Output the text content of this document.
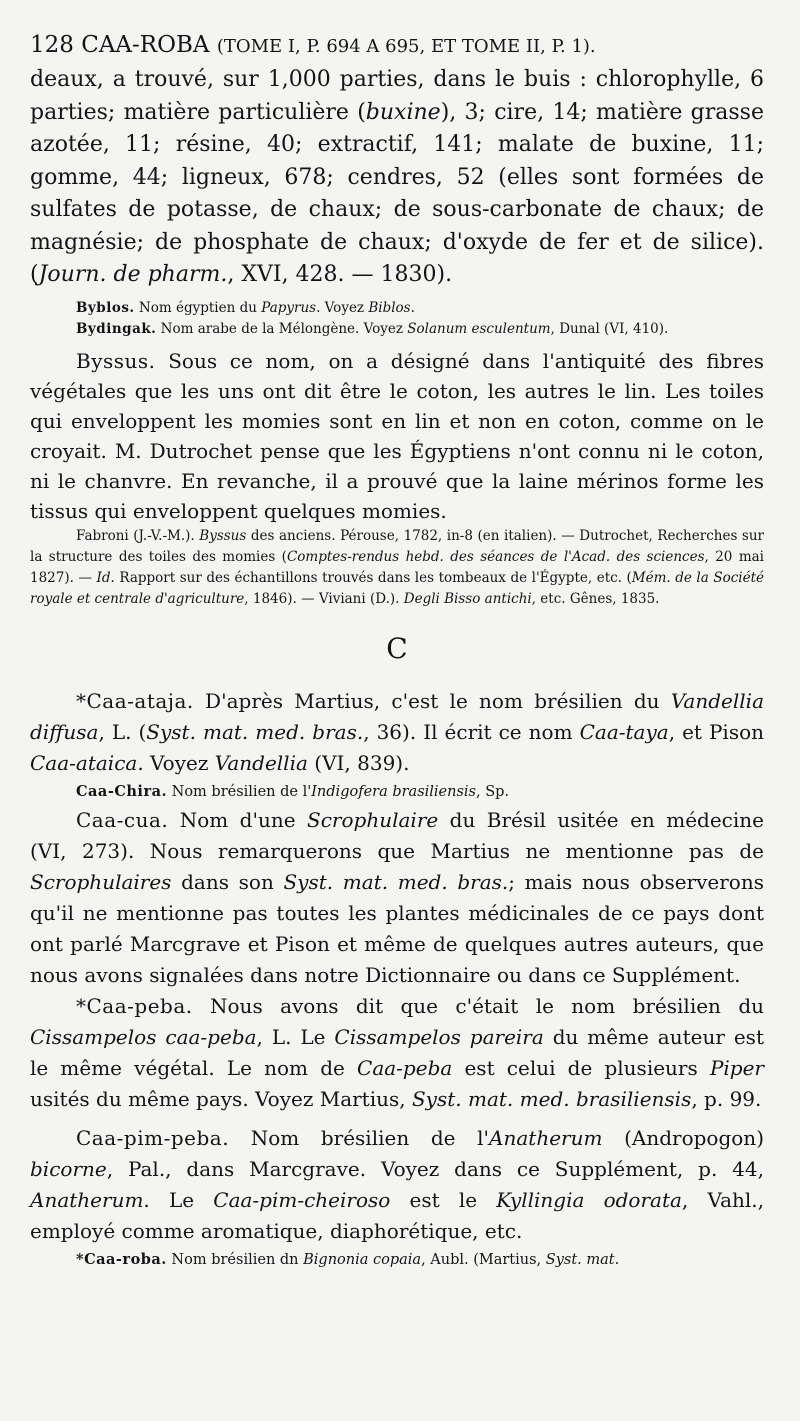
128 CAA-ROBA (TOME I, P. 694 A 695, ET TOME II, P. 1).

deaux, a trouvé, sur 1,000 parties, dans le buis : chlorophylle, 6 parties; matière particulière (buxine), 3; cire, 14; matière grasse azotée, 11; résine, 40; extractif, 141; malate de buxine, 11; gomme, 44; ligneux, 678; cendres, 52 (elles sont formées de sulfates de potasse, de chaux; de sous-carbonate de chaux; de magnésie; de phosphate de chaux; d'oxyde de fer et de silice). (Journ. de pharm., XVI, 428. — 1830).

Byblos. Nom égyptien du Papyrus. Voyez Biblos.

Bydingak. Nom arabe de la Mélongène. Voyez Solanum esculentum, Dunal (VI, 410).

Byssus. Sous ce nom, on a désigné dans l'antiquité des fibres végétales que les uns ont dit être le coton, les autres le lin. Les toiles qui enveloppent les momies sont en lin et non en coton, comme on le croyait. M. Dutrochet pense que les Égyptiens n'ont connu ni le coton, ni le chanvre. En revanche, il a prouvé que la laine mérinos forme les tissus qui enveloppent quelques momies.

Fabroni (J.-V.-M.). Byssus des anciens. Pérouse, 1782, in-8 (en italien). — Dutrochet, Recherches sur la structure des toiles des momies (Comptes-rendus hebd. des séances de l'Acad. des sciences, 20 mai 1827). — Id. Rapport sur des échantillons trouvés dans les tombeaux de l'Égypte, etc. (Mém. de la Société royale et centrale d'agriculture, 1846). — Viviani (D.). Degli Bisso antichi, etc. Gênes, 1835.

C

*Caa-ataja. D'après Martius, c'est le nom brésilien du Vandellia diffusa, L. (Syst. mat. med. bras., 36). Il écrit ce nom Caa-taya, et Pison Caa-ataica. Voyez Vandellia (VI, 839).

Caa-Chira. Nom brésilien de l'Indigofera brasiliensis, Sp.

Caa-cua. Nom d'une Scrophulaire du Brésil usitée en médecine (VI, 273). Nous remarquerons que Martius ne mentionne pas de Scrophulaires dans son Syst. mat. med. bras.; mais nous observerons qu'il ne mentionne pas toutes les plantes médicinales de ce pays dont ont parlé Marcgrave et Pison et même de quelques autres auteurs, que nous avons signalées dans notre Dictionnaire ou dans ce Supplément.

*Caa-peba. Nous avons dit que c'était le nom brésilien du Cissampelos caa-peba, L. Le Cissampelos pareira du même auteur est le même végétal. Le nom de Caa-peba est celui de plusieurs Piper usités du même pays. Voyez Martius, Syst. mat. med. brasiliensis, p. 99.

Caa-pim-peba. Nom brésilien de l'Anatherum (Andropogon) bicorne, Pal., dans Marcgrave. Voyez dans ce Supplément, p. 44, Anatherum. Le Caa-pim-cheiroso est le Kyllingia odorata, Vahl., employé comme aromatique, diaphorétique, etc.

*Caa-roba. Nom brésilien dn Bignonia copaia, Aubl. (Martius, Syst. mat.
